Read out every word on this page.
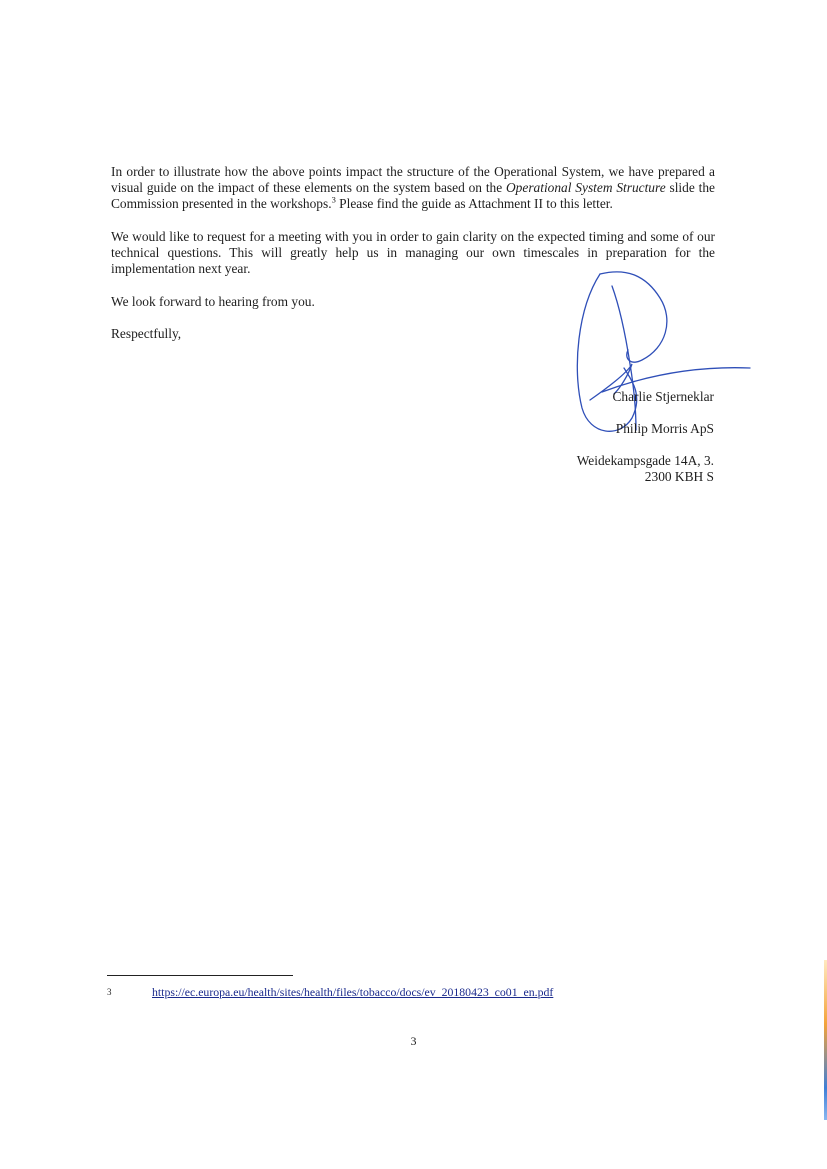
In order to illustrate how the above points impact the structure of the Operational System, we have prepared a visual guide on the impact of these elements on the system based on the Operational System Structure slide the Commission presented in the workshops.$^3$ Please find the guide as Attachment II to this letter.

We would like to request for a meeting with you in order to gain clarity on the expected timing and some of our technical questions. This will greatly help us in managing our own timescales in preparation for the implementation next year.

We look forward to hearing from you.

Respectfully,

Charlie Stjerneklar
Philip Morris ApS
Weidekampsgade 14A, 3.
2300 KBH S
3	https://ec.europa.eu/health/sites/health/files/tobacco/docs/ev_20180423_co01_en.pdf
3
